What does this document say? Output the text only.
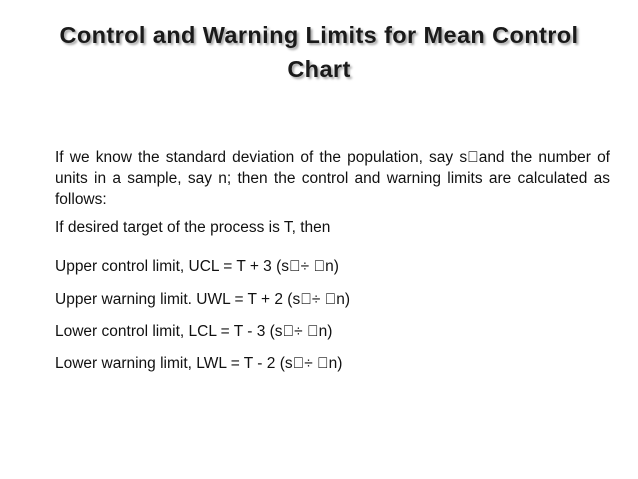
Control and Warning Limits for Mean Control
Chart
If we know the standard deviation of the population, say s and the number of units in a sample, say n; then the control and warning limits are calculated as follows:
If desired target of the process is T, then
Upper control limit, UCL = T + 3 (s ÷ n)
Upper warning limit. UWL = T + 2 (s ÷ n)
Lower control limit, LCL = T - 3 (s ÷ n)
Lower warning limit, LWL = T - 2 (s ÷ n)
